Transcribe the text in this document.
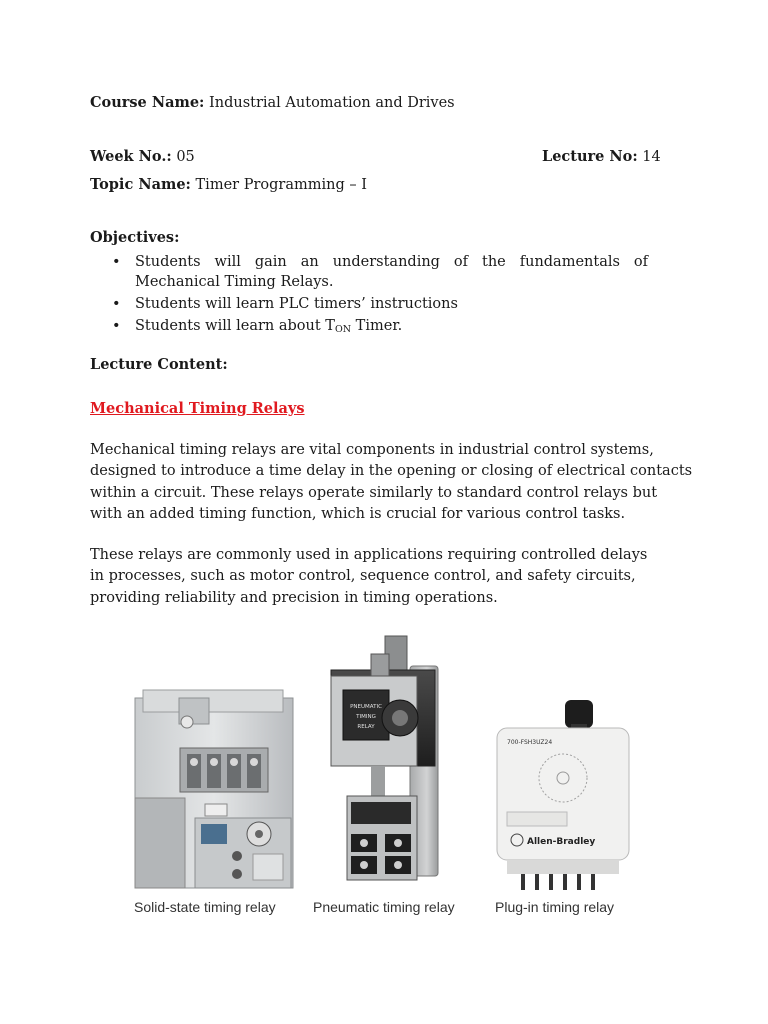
Course Name: Industrial Automation and Drives
Week No.: 05	Lecture No: 14
Topic Name: Timer Programming – I
Objectives:
• Students will gain an understanding of the fundamentals of
Mechanical Timing Relays.
• Students will learn PLC timers’ instructions
• Students will learn about $T_{ON}$ Timer.
Lecture Content:
Mechanical Timing Relays
Mechanical timing relays are vital components in industrial control systems,
designed to introduce a time delay in the opening or closing of electrical contacts
within a circuit. These relays operate similarly to standard control relays but
with an added timing function, which is crucial for various control tasks.
These relays are commonly used in applications requiring controlled delays
in processes, such as motor control, sequence control, and safety circuits,
providing reliability and precision in timing operations.
PNEUMATIC
TIMING
RELAY
700-FSH3UZ24
Allen-Bradley
Solid-state timing relay	Pneumatic timing relay	Plug-in timing relay
